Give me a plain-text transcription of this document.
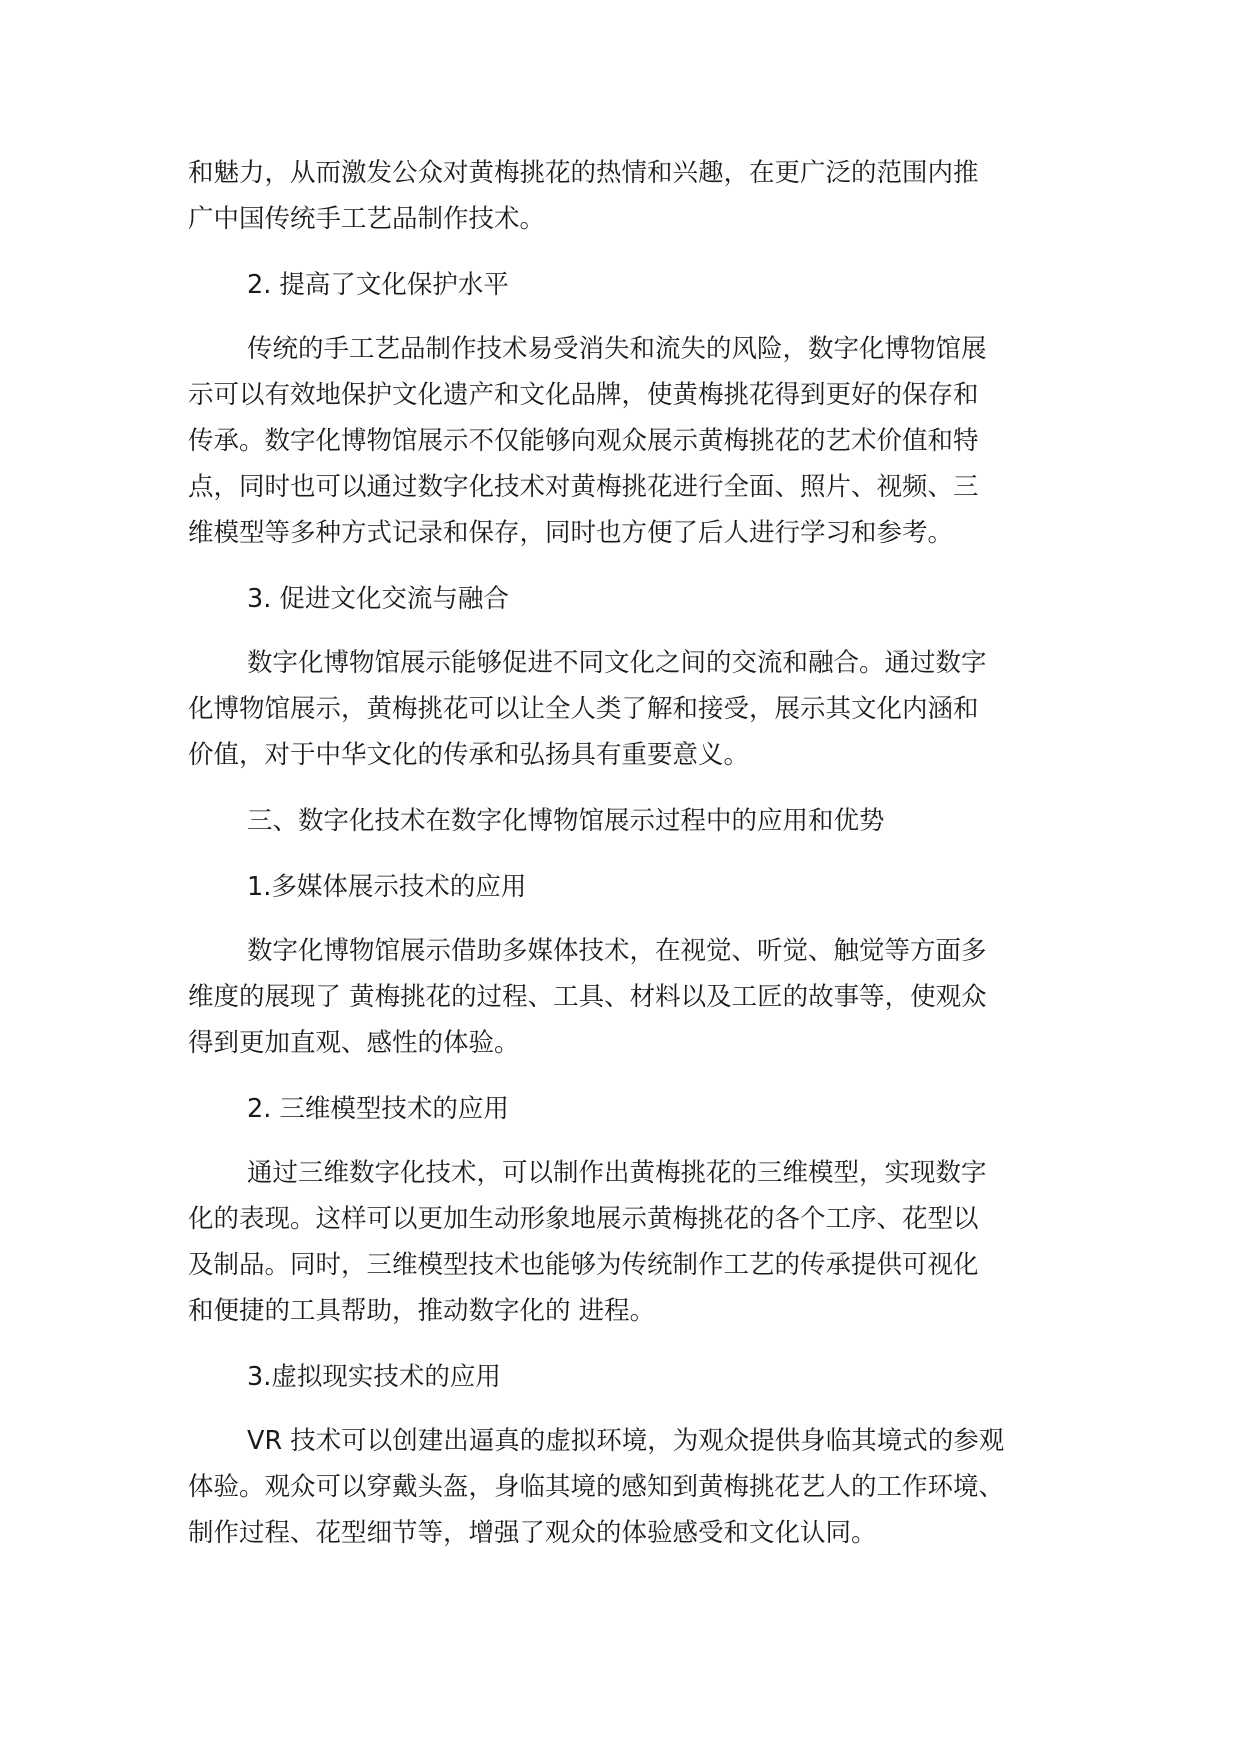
和魅力，从而激发公众对黄梅挑花的热情和兴趣，在更广泛的范围内推
广中国传统手工艺品制作技术。
2. 提高了文化保护水平
传统的手工艺品制作技术易受消失和流失的风险，数字化博物馆展
示可以有效地保护文化遗产和文化品牌，使黄梅挑花得到更好的保存和
传承。数字化博物馆展示不仅能够向观众展示黄梅挑花的艺术价值和特
点，同时也可以通过数字化技术对黄梅挑花进行全面、照片、视频、三
维模型等多种方式记录和保存，同时也方便了后人进行学习和参考。
3. 促进文化交流与融合
数字化博物馆展示能够促进不同文化之间的交流和融合。通过数字
化博物馆展示，黄梅挑花可以让全人类了解和接受，展示其文化内涵和
价值，对于中华文化的传承和弘扬具有重要意义。
三、数字化技术在数字化博物馆展示过程中的应用和优势
1.多媒体展示技术的应用
数字化博物馆展示借助多媒体技术，在视觉、听觉、触觉等方面多
维度的展现了 黄梅挑花的过程、工具、材料以及工匠的故事等，使观众
得到更加直观、感性的体验。
2. 三维模型技术的应用
通过三维数字化技术，可以制作出黄梅挑花的三维模型，实现数字
化的表现。这样可以更加生动形象地展示黄梅挑花的各个工序、花型以
及制品。同时，三维模型技术也能够为传统制作工艺的传承提供可视化
和便捷的工具帮助，推动数字化的 进程。
3.虚拟现实技术的应用
VR 技术可以创建出逼真的虚拟环境，为观众提供身临其境式的参观
体验。观众可以穿戴头盔，身临其境的感知到黄梅挑花艺人的工作环境、
制作过程、花型细节等，增强了观众的体验感受和文化认同。
